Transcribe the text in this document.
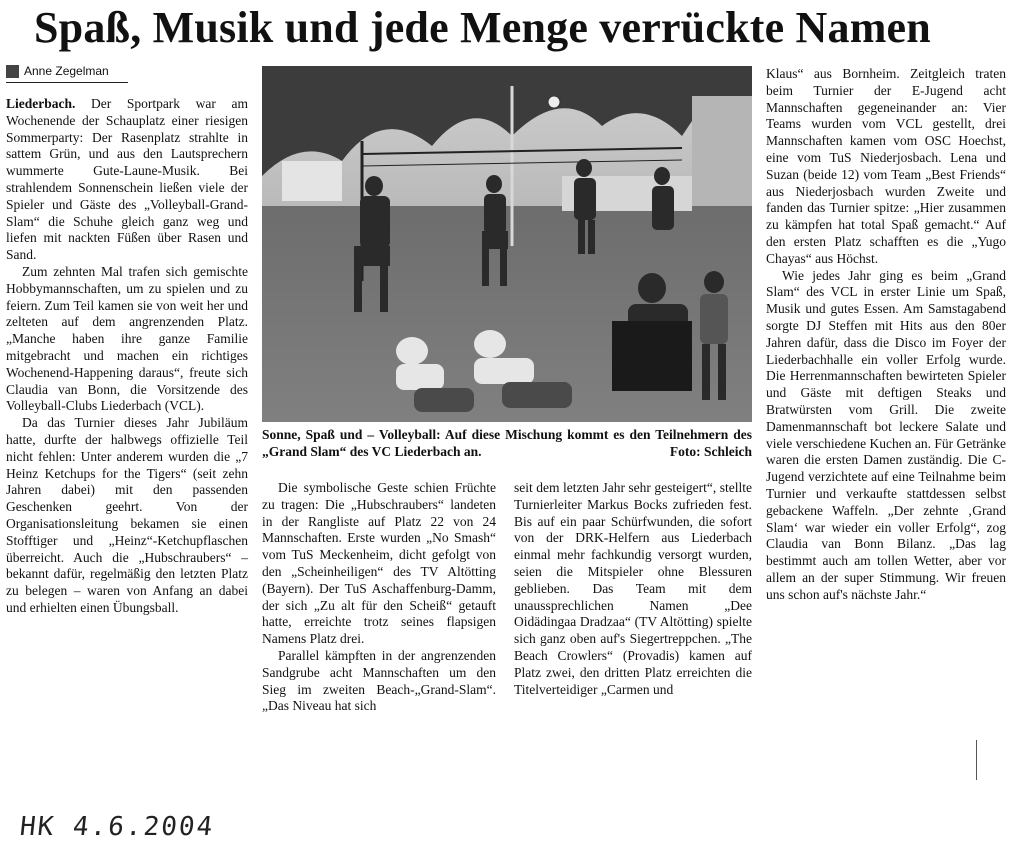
Spaß, Musik und jede Menge verrückte Namen
Anne Zegelman

Liederbach. Der Sportpark war am Wochenende der Schauplatz einer riesigen Sommerparty: Der Rasenplatz strahlte in sattem Grün, und aus den Lautsprechern wummerte Gute-Laune-Musik. Bei strahlendem Sonnenschein ließen viele der Spieler und Gäste des „Volleyball-Grand-Slam“ die Schuhe gleich ganz weg und liefen mit nackten Füßen über Rasen und Sand.

Zum zehnten Mal trafen sich gemischte Hobbymannschaften, um zu spielen und zu feiern. Zum Teil kamen sie von weit her und zelteten auf dem angrenzenden Platz. „Manche haben ihre ganze Familie mitgebracht und machen ein richtiges Wochenend-Happening daraus“, freute sich Claudia van Bonn, die Vorsitzende des Volleyball-Clubs Liederbach (VCL).

Da das Turnier dieses Jahr Jubiläum hatte, durfte der halbwegs offizielle Teil nicht fehlen: Unter anderem wurden die „7 Heinz Ketchups for the Tigers“ (seit zehn Jahren dabei) mit den passenden Geschenken geehrt. Von der Organisationsleitung bekamen sie einen Stofftiger und „Heinz“-Ketchupflaschen überreicht. Auch die „Hubschraubers“ – bekannt dafür, regelmäßig den letzten Platz zu belegen – waren von Anfang an dabei und erhielten einen Übungsball.

Sonne, Spaß und – Volleyball: Auf diese Mischung kommt es den Teilnehmern des „Grand Slam“ des VC Liederbach an.	Foto: Schleich

Die symbolische Geste schien Früchte zu tragen: Die „Hubschraubers“ landeten in der Rangliste auf Platz 22 von 24 Mannschaften. Erste wurden „No Smash“ vom TuS Meckenheim, dicht gefolgt von den „Scheinheiligen“ des TV Altötting (Bayern). Der TuS Aschaffenburg-Damm, der sich „Zu alt für den Scheiß“ getauft hatte, erreichte trotz seines flapsigen Namens Platz drei.

Parallel kämpften in der angrenzenden Sandgrube acht Mannschaften um den Sieg im zweiten Beach-„Grand-Slam“. „Das Niveau hat sich

seit dem letzten Jahr sehr gesteigert“, stellte Turnierleiter Markus Bocks zufrieden fest. Bis auf ein paar Schürfwunden, die sofort von der DRK-Helfern aus Liederbach einmal mehr fachkundig versorgt wurden, seien die Mitspieler ohne Blessuren geblieben. Das Team mit dem unaussprechlichen Namen „Dee Oidädingaa Dradzaa“ (TV Altötting) spielte sich ganz oben auf's Siegertreppchen. „The Beach Crowlers“ (Provadis) kamen auf Platz zwei, den dritten Platz erreichten die Titelverteidiger „Carmen und

Klaus“ aus Bornheim. Zeitgleich traten beim Turnier der E-Jugend acht Mannschaften gegeneinander an: Vier Teams wurden vom VCL gestellt, drei Mannschaften kamen vom OSC Hoechst, eine vom TuS Niederjosbach. Lena und Suzan (beide 12) vom Team „Best Friends“ aus Niederjosbach wurden Zweite und fanden das Turnier spitze: „Hier zusammen zu kämpfen hat total Spaß gemacht.“ Auf den ersten Platz schafften es die „Yugo Chayas“ aus Höchst.

Wie jedes Jahr ging es beim „Grand Slam“ des VCL in erster Linie um Spaß, Musik und gutes Essen. Am Samstagabend sorgte DJ Steffen mit Hits aus den 80er Jahren dafür, dass die Disco im Foyer der Liederbachhalle ein voller Erfolg wurde. Die Herrenmannschaften bewirteten Spieler und Gäste mit deftigen Steaks und Bratwürsten vom Grill. Die zweite Damenmannschaft bot leckere Salate und viele verschiedene Kuchen an. Für Getränke waren die ersten Damen zuständig. Die C-Jugend verzichtete auf eine Teilnahme beim Turnier und verkaufte stattdessen selbst gebackene Waffeln. „Der zehnte ‚Grand Slam‘ war wieder ein voller Erfolg“, zog Claudia van Bonn Bilanz. „Das lag bestimmt auch am tollen Wetter, aber vor allem an der super Stimmung. Wir freuen uns schon auf's nächste Jahr.“

HK 4.6.2004
